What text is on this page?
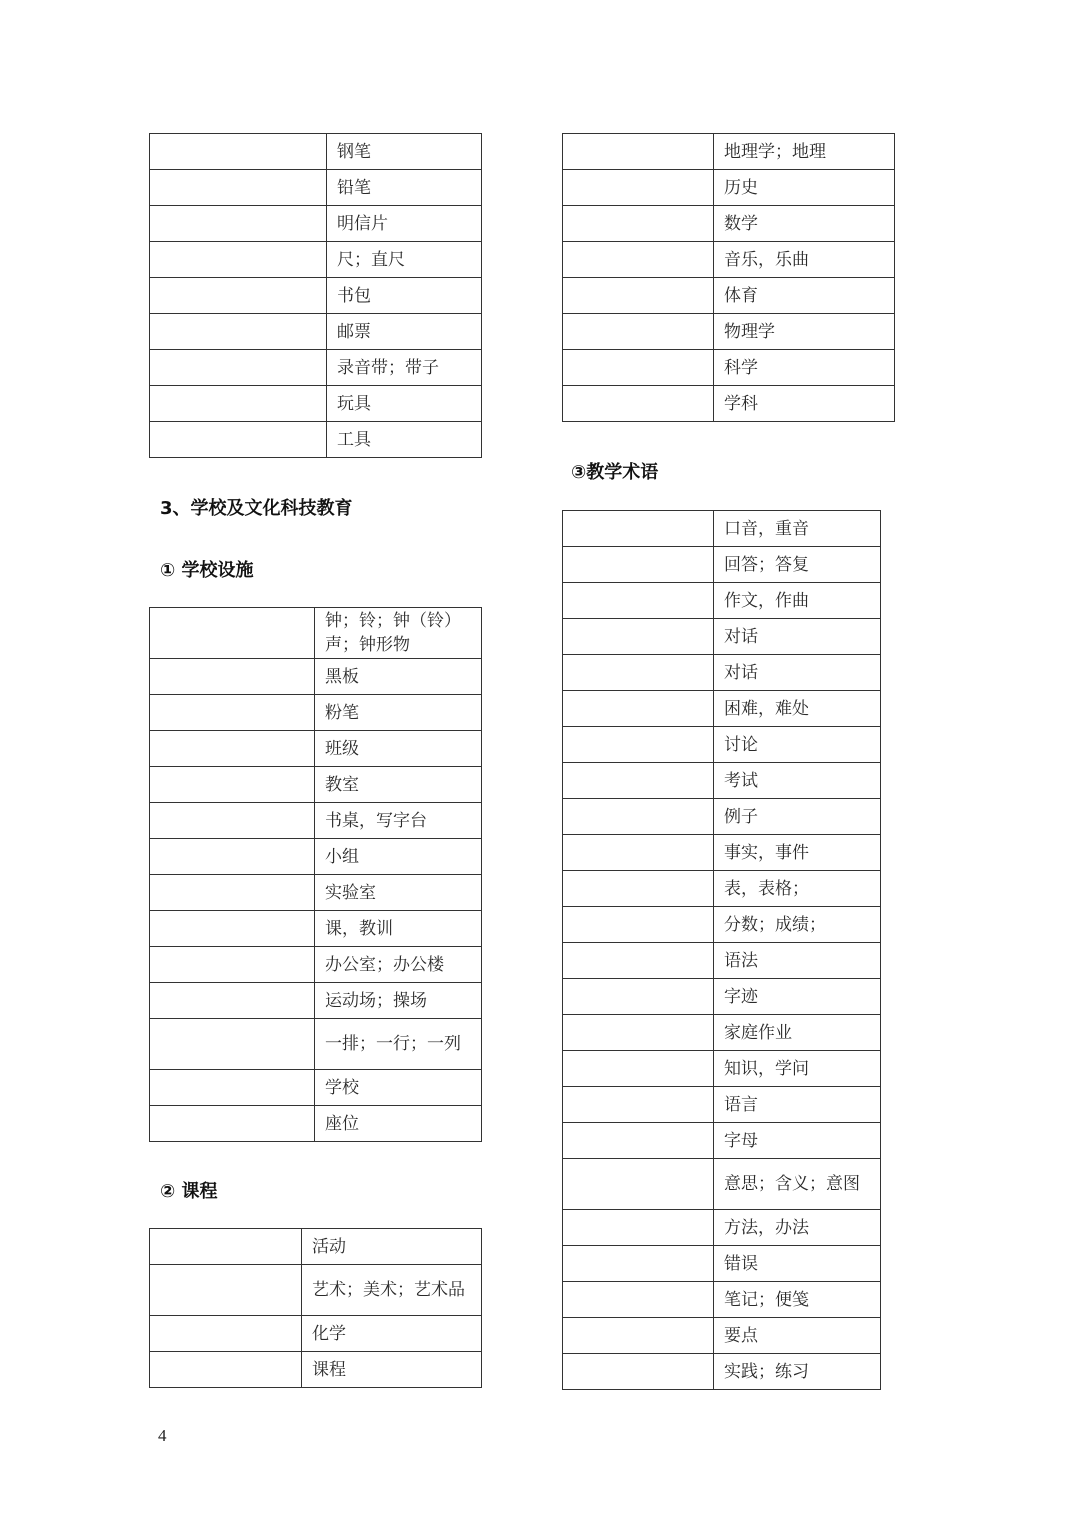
	钢笔
	铅笔
	明信片
	尺；直尺
	书包
	邮票
	录音带；带子
	玩具
	工具
	地理学；地理
	历史
	数学
	音乐，乐曲
	体育
	物理学
	科学
	学科
3、学校及文化科技教育
① 学校设施
③教学术语
② 课程
	钟；铃；钟（铃）声；钟形物
	黑板
	粉笔
	班级
	教室
	书桌，写字台
	小组
	实验室
	课，教训
	办公室；办公楼
	运动场；操场
	一排；一行；一列
	学校
	座位
	活动
	艺术；美术；艺术品
	化学
	课程
	口音，重音
	回答；答复
	作文，作曲
	对话
	对话
	困难，难处
	讨论
	考试
	例子
	事实，事件
	表，表格；
	分数；成绩；
	语法
	字迹
	家庭作业
	知识，学问
	语言
	字母
	意思；含义；意图
	方法，办法
	错误
	笔记；便笺
	要点
	实践；练习
4
